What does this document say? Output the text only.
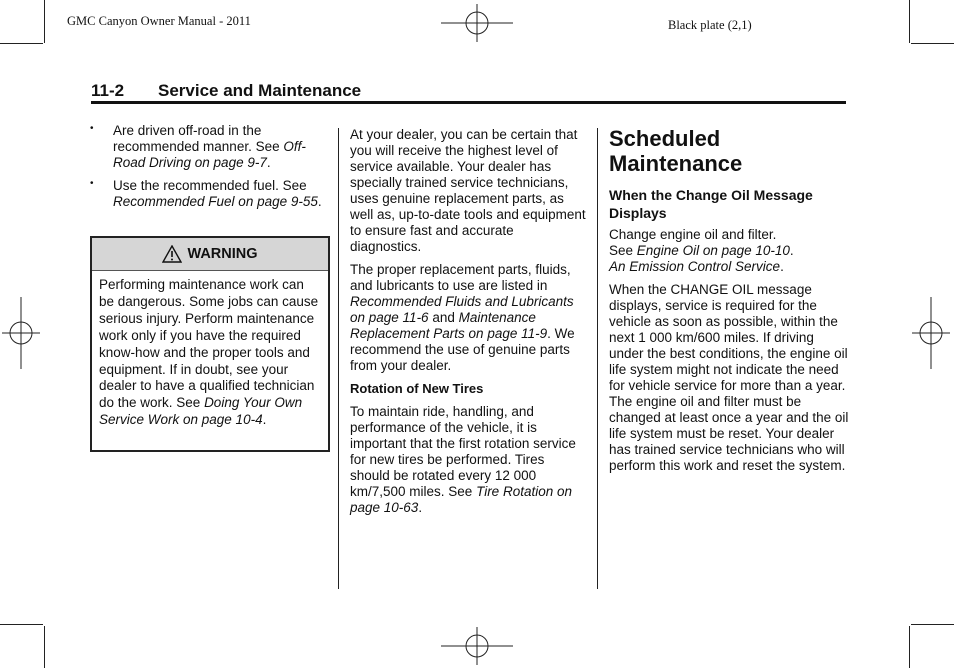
GMC Canyon Owner Manual - 2011	Black plate (2,1)
11-2 Service and Maintenance
• Are driven off-road in the recommended manner. See Off-Road Driving on page 9-7.
• Use the recommended fuel. See Recommended Fuel on page 9-55.
WARNING
Performing maintenance work can be dangerous. Some jobs can cause serious injury. Perform maintenance work only if you have the required know-how and the proper tools and equipment. If in doubt, see your dealer to have a qualified technician do the work. See Doing Your Own Service Work on page 10-4.

At your dealer, you can be certain that you will receive the highest level of service available. Your dealer has specially trained service technicians, uses genuine replacement parts, as well as, up-to-date tools and equipment to ensure fast and accurate diagnostics.

The proper replacement parts, fluids, and lubricants to use are listed in Recommended Fluids and Lubricants on page 11-6 and Maintenance Replacement Parts on page 11-9. We recommend the use of genuine parts from your dealer.

Rotation of New Tires

To maintain ride, handling, and performance of the vehicle, it is important that the first rotation service for new tires be performed. Tires should be rotated every 12 000 km/7,500 miles. See Tire Rotation on page 10-63.

Scheduled
Maintenance
When the Change Oil Message Displays

Change engine oil and filter.
See Engine Oil on page 10-10.
An Emission Control Service.

When the CHANGE OIL message displays, service is required for the vehicle as soon as possible, within the next 1 000 km/600 miles. If driving under the best conditions, the engine oil life system might not indicate the need for vehicle service for more than a year. The engine oil and filter must be changed at least once a year and the oil life system must be reset. Your dealer has trained service technicians who will perform this work and reset the system.
